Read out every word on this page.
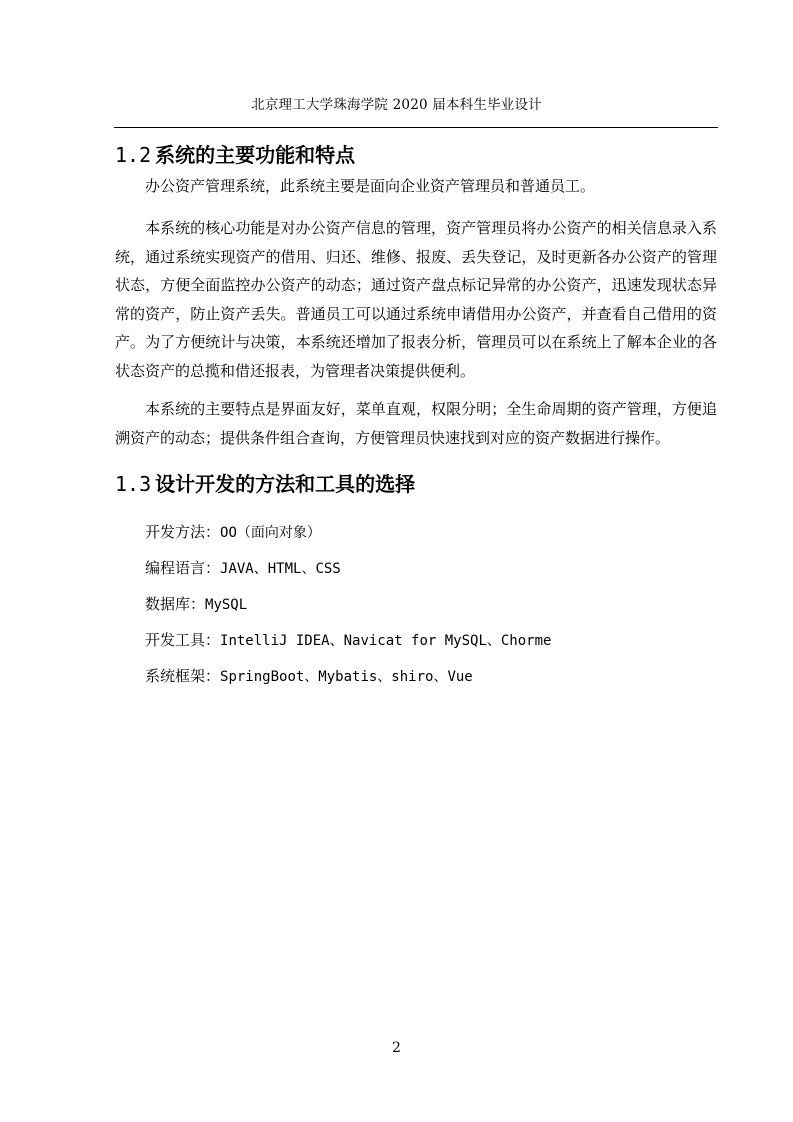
北京理工大学珠海学院 2020 届本科生毕业设计
1.2 系统的主要功能和特点

办公资产管理系统，此系统主要是面向企业资产管理员和普通员工。

本系统的核心功能是对办公资产信息的管理，资产管理员将办公资产的相关信息录入系统，通过系统实现资产的借用、归还、维修、报废、丢失登记，及时更新各办公资产的管理状态，方便全面监控办公资产的动态；通过资产盘点标记异常的办公资产，迅速发现状态异常的资产，防止资产丢失。普通员工可以通过系统申请借用办公资产，并查看自己借用的资产。为了方便统计与决策，本系统还增加了报表分析，管理员可以在系统上了解本企业的各状态资产的总揽和借还报表，为管理者决策提供便利。

本系统的主要特点是界面友好，菜单直观，权限分明；全生命周期的资产管理，方便追溯资产的动态；提供条件组合查询，方便管理员快速找到对应的资产数据进行操作。

1.3 设计开发的方法和工具的选择
开发方法：OO（面向对象）
编程语言：JAVA、HTML、CSS
数据库：MySQL
开发工具：IntelliJ IDEA、Navicat for MySQL、Chorme
系统框架：SpringBoot、Mybatis、shiro、Vue
2
